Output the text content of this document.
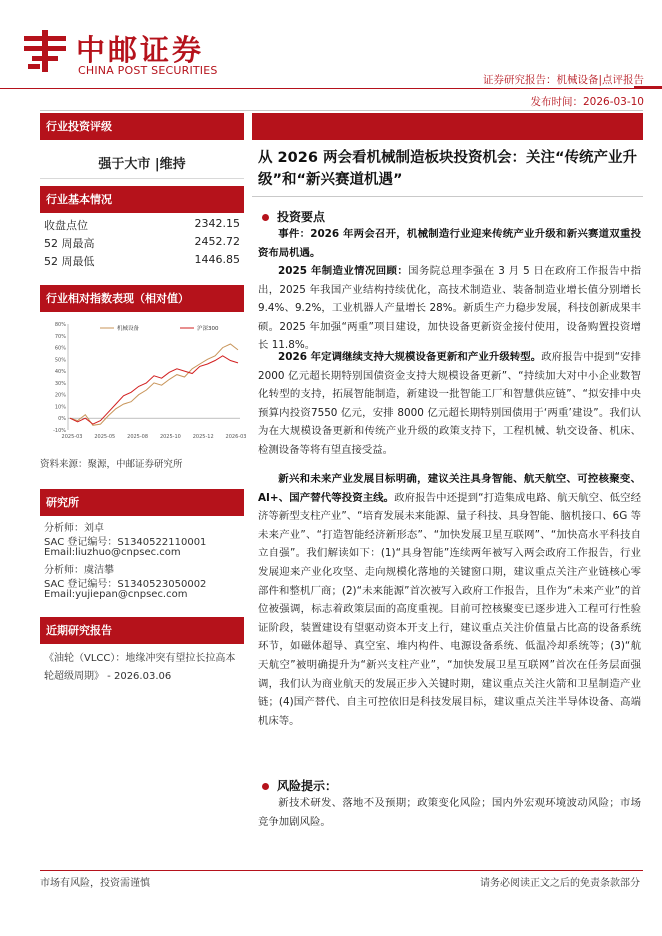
中邮证券
CHINA POST SECURITIES
证券研究报告：机械设备|点评报告
发布时间：2026-03-10
行业投资评级
强于大市 |维持
行业基本情况
收盘点位	2342.15
52 周最高	2452.72
52 周最低	1446.85
行业相对指数表现（相对值）
80%
70%
60%
50%
40%
30%
20%
10%
0%
-10%
2025-03 2025-05 2025-08 2025-10 2025-12 2026-03
机械设备	沪深300
资料来源：聚源，中邮证券研究所
研究所
分析师：刘卓
SAC 登记编号：S1340522110001
Email:liuzhuo@cnpsec.com
分析师：虞洁攀
SAC 登记编号：S1340523050002
Email:yujiepan@cnpsec.com
近期研究报告
《油轮（VLCC）：地缘冲突有望拉长拉高本轮超级周期》 - 2026.03.06
从 2026 两会看机械制造板块投资机会：关注“传统产业升级”和“新兴赛道机遇”
投资要点
事件：2026 年两会召开，机械制造行业迎来传统产业升级和新兴赛道双重投资布局机遇。
2025 年制造业情况回顾：国务院总理李强在 3 月 5 日在政府工作报告中指出，2025 年我国产业结构持续优化，高技术制造业、装备制造业增长值分别增长 9.4%、9.2%，工业机器人产量增长 28%。新质生产力稳步发展，科技创新成果丰硕。2025 年加强“两重”项目建设，加快设备更新资金接付使用，设备购置投资增长 11.8%。
2026 年定调继续支持大规模设备更新和产业升级转型。政府报告中提到“安排 2000 亿元超长期特别国债资金支持大规模设备更新”、“持续加大对中小企业数智化转型的支持，拓展智能制造，新建设一批智能工厂和智慧供应链”、“拟安排中央预算内投资7550 亿元，安排 8000 亿元超长期特别国债用于‘两重’建设”。我们认为在大规模设备更新和传统产业升级的政策支持下，工程机械、轨交设备、机床、检测设备等将有望直接受益。
新兴和未来产业发展目标明确，建议关注具身智能、航天航空、可控核聚变、AI+、国产替代等投资主线。政府报告中还提到“打造集成电路、航天航空、低空经济等新型支柱产业”、“培育发展未来能源、量子科技、具身智能、脑机接口、6G 等未来产业”、“打造智能经济新形态”、“加快发展卫星互联网”、“加快高水平科技自立自强”。我们解读如下：(1)“具身智能”连续两年被写入两会政府工作报告，行业发展迎来产业化攻坚、走向规模化落地的关键窗口期，建议重点关注产业链核心零部件和整机厂商；(2)“未来能源”首次被写入政府工作报告，且作为“未来产业”的首位被强调，标志着政策层面的高度重视。目前可控核聚变已逐步进入工程可行性验证阶段，装置建设有望驱动资本开支上行，建议重点关注价值量占比高的设备系统环节，如磁体超导、真空室、堆内构件、电源设备系统、低温冷却系统等；(3)“航天航空”被明确提升为“新兴支柱产业”，“加快发展卫星互联网”首次在任务层面强调，我们认为商业航天的发展正步入关键时期，建议重点关注火箭和卫星制造产业链；(4)国产替代、自主可控依旧是科技发展目标，建议重点关注半导体设备、高端机床等。
风险提示：
新技术研发、落地不及预期；政策变化风险；国内外宏观环境波动风险；市场竞争加剧风险。
市场有风险，投资需谨慎	请务必阅读正文之后的免责条款部分
